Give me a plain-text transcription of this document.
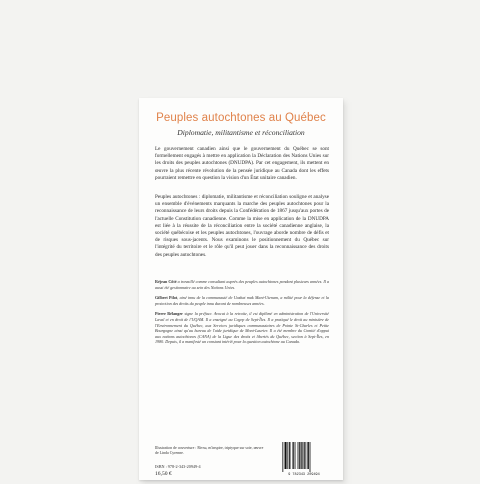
Peuples autochtones au Québec
Diplomatie, militantisme et réconciliation
Le gouvernement canadien ainsi que le gouvernement du Québec se sont formellement engagés à mettre en application la Déclaration des Nations Unies sur les droits des peuples autochtones (DNUDPA). Par cet engagement, ils mettent en œuvre la plus récente révolution de la pensée juridique au Canada dont les effets pourraient remettre en question la vision d'un État unitaire canadien.
Peuples autochtones : diplomatie, militantisme et réconciliation souligne et analyse un ensemble d'événements marquants la marche des peuples autochtones pour la reconnaissance de leurs droits depuis la Confédération de 1867 jusqu'aux portes de l'actuelle Constitution canadienne. Comme la mise en application de la DNUDPA est liée à la réussite de la réconciliation entre la société canadienne anglaise, la société québécoise et les peuples autochtones, l'ouvrage aborde nombre de défis et de risques sous-jacents. Nous examinons le positionnement du Québec sur l'intégrité du territoire et le rôle qu'il peut jouer dans la reconnaissance des droits des peuples autochtones.
Réjean Côté a travaillé comme consultant auprès des peuples autochtones pendant plusieurs années. Il a aussi été gestionnaire au sein des Nations Unies.
Gilbert Pilot, ainé innu de la communauté de Uashat mak Mani-Utenam, a milité pour la défense et la protection des droits du peuple innu durant de nombreuses années.
Pierre Bélanger signe la préface. Avocat à la retraite, il est diplômé en administration de l'Université Laval et en droit de l'UQAM. Il a enseigné au Cegep de Sept-Îles. Il a pratiqué le droit au ministère de l'Environnement du Québec, aux Services juridiques communautaires de Pointe St-Charles et Petite Bourgogne ainsi qu'au bureau de l'aide juridique de Mont-Laurier. Il a été membre du Comité d'appui aux nations autochtones (CANA) de la Ligue des droits et libertés du Québec, section à Sept-Îles, en 1980. Depuis, il a manifesté un constant intérêt pour la question autochtone au Canada.
Illustration de couverture : Rivsu, m'inspire, triptyque sur soie, œuvre de Linda Cyrenne.
ISBN : 978-2-343-20949-4
16,50 €	9 782343 209494
